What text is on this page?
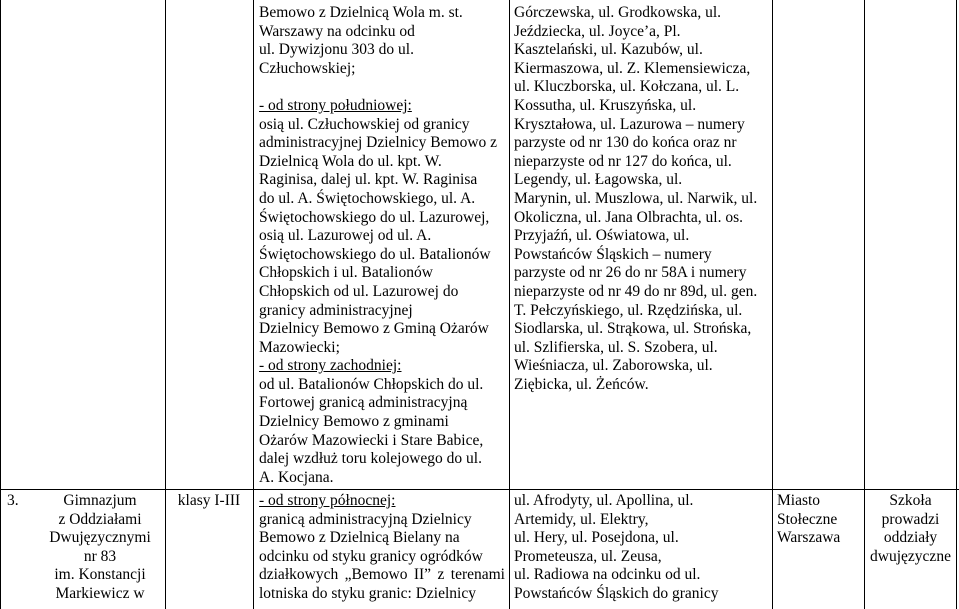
Bemowo z Dzielnicą Wola m. st.
Warszawy na odcinku od
ul. Dywizjonu 303 do ul.
Człuchowskiej;

- od strony południowej:
osią ul. Człuchowskiej od granicy
administracyjnej Dzielnicy Bemowo z
Dzielnicą Wola do ul. kpt. W.
Raginisa, dalej ul. kpt. W. Raginisa
do ul. A. Świętochowskiego, ul. A.
Świętochowskiego do ul. Lazurowej,
osią ul. Lazurowej od ul. A.
Świętochowskiego do ul. Batalionów
Chłopskich i ul. Batalionów
Chłopskich od ul. Lazurowej do
granicy administracyjnej
Dzielnicy Bemowo z Gminą Ożarów
Mazowiecki;
- od strony zachodniej:
od ul. Batalionów Chłopskich do ul.
Fortowej granicą administracyjną
Dzielnicy Bemowo z gminami
Ożarów Mazowiecki i Stare Babice,
dalej wzdłuż toru kolejowego do ul.
A. Kocjana.
Górczewska, ul. Grodkowska, ul.
Jeździecka, ul. Joyce’a, Pl.
Kasztelański, ul. Kazubów, ul.
Kiermaszowa, ul. Z. Klemensiewicza,
ul. Kluczborska, ul. Kołczana, ul. L.
Kossutha, ul. Kruszyńska, ul.
Kryształowa, ul. Lazurowa – numery
parzyste od nr 130 do końca oraz nr
nieparzyste od nr 127 do końca, ul.
Legendy, ul. Łagowska, ul.
Marynin, ul. Muszlowa, ul. Narwik, ul.
Okoliczna, ul. Jana Olbrachta, ul. os.
Przyjaźń, ul. Oświatowa, ul.
Powstańców Śląskich – numery
parzyste od nr 26 do nr 58A i numery
nieparzyste od nr 49 do nr 89d, ul. gen.
T. Pełczyńskiego, ul. Rzędzińska, ul.
Siodlarska, ul. Strąkowa, ul. Strońska,
ul. Szlifierska, ul. S. Szobera, ul.
Wieśniacza, ul. Zaborowska, ul.
Ziębicka, ul. Żeńców.
3.	Gimnazjum
z Oddziałami
Dwujęzycznymi
nr 83
im. Konstancji
Markiewicz w
klasy I-III	- od strony północnej:
granicą administracyjną Dzielnicy
Bemowo z Dzielnicą Bielany na
odcinku od styku granicy ogródków
działkowych „Bemowo II” z terenami
lotniska do styku granic: Dzielnicy
ul. Afrodyty, ul. Apollina, ul.
Artemidy, ul. Elektry,
ul. Hery, ul. Posejdona, ul.
Prometeusza, ul. Zeusa,
ul. Radiowa na odcinku od ul.
Powstańców Śląskich do granicy
Miasto
Stołeczne
Warszawa
Szkoła
prowadzi
oddziały
dwujęzyczne
